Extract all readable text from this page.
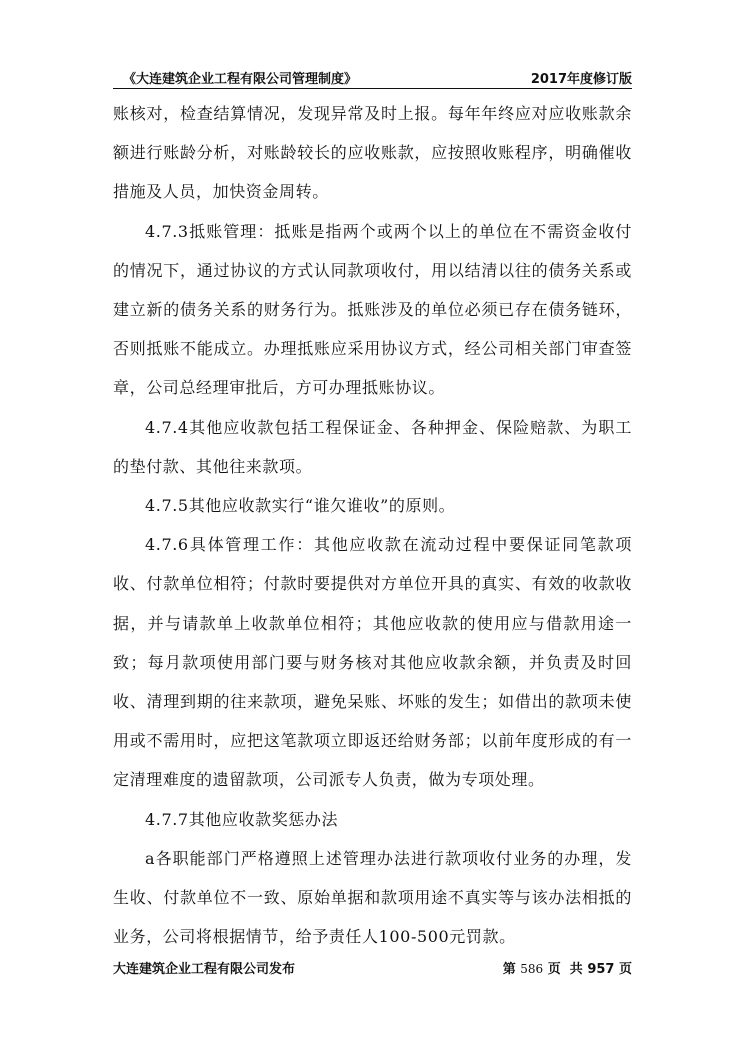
《大连建筑企业工程有限公司管理制度》	2017年度修订版

账核对，检查结算情况，发现异常及时上报。每年年终应对应收账款余额进行账龄分析，对账龄较长的应收账款，应按照收账程序，明确催收措施及人员，加快资金周转。

4.7.3抵账管理：抵账是指两个或两个以上的单位在不需资金收付的情况下，通过协议的方式认同款项收付，用以结清以往的债务关系或建立新的债务关系的财务行为。抵账涉及的单位必须已存在债务链环，否则抵账不能成立。办理抵账应采用协议方式，经公司相关部门审查签章，公司总经理审批后，方可办理抵账协议。

4.7.4其他应收款包括工程保证金、各种押金、保险赔款、为职工的垫付款、其他往来款项。

4.7.5其他应收款实行“谁欠谁收”的原则。

4.7.6具体管理工作：其他应收款在流动过程中要保证同笔款项收、付款单位相符；付款时要提供对方单位开具的真实、有效的收款收据，并与请款单上收款单位相符；其他应收款的使用应与借款用途一致；每月款项使用部门要与财务核对其他应收款余额，并负责及时回收、清理到期的往来款项，避免呆账、坏账的发生；如借出的款项未使用或不需用时，应把这笔款项立即返还给财务部；以前年度形成的有一定清理难度的遗留款项，公司派专人负责，做为专项处理。

4.7.7其他应收款奖惩办法

a各职能部门严格遵照上述管理办法进行款项收付业务的办理，发生收、付款单位不一致、原始单据和款项用途不真实等与该办法相抵的业务，公司将根据情节，给予责任人100-500元罚款。

大连建筑企业工程有限公司发布	第 586 页  共 957 页
